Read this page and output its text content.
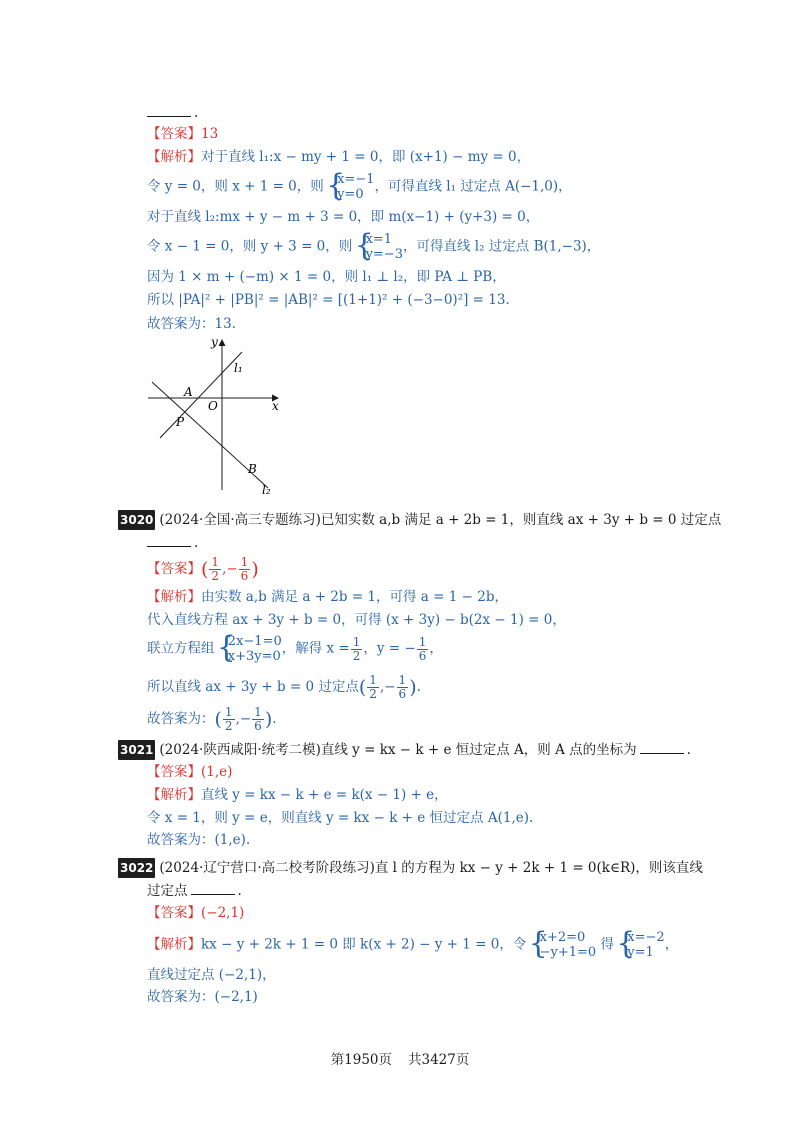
.
【答案】13
【解析】对于直线 l₁:x − my + 1 = 0，即 (x+1) − my = 0，
令 y = 0，则 x + 1 = 0，则 { x=−1
y=0 ，可得直线 l₁ 过定点 A(−1,0)，
对于直线 l₂:mx + y − m + 3 = 0，即 m(x−1) + (y+3) = 0，
令 x − 1 = 0，则 y + 3 = 0，则 { x=1
y=−3 ，可得直线 l₂ 过定点 B(1,−3)，
因为 1 × m + (−m) × 1 = 0，则 l₁ ⊥ l₂，即 PA ⊥ PB，
所以 |PA|² + |PB|² = |AB|² = [(1+1)² + (−3−0)²] = 13.
故答案为：13.
y
x
O
A
P
B
l₁
l₂
3020 (2024·全国·高三专题练习)已知实数 a,b 满足 a + 2b = 1，则直线 ax + 3y + b = 0 过定点
.
【答案】( $\frac{1}{2}$ ,− $\frac{1}{6}$ )
【解析】由实数 a,b 满足 a + 2b = 1，可得 a = 1 − 2b，
代入直线方程 ax + 3y + b = 0，可得 (x + 3y) − b(2x − 1) = 0，
联立方程组 { 2x−1=0
x+3y=0 ，解得 $x = \frac{1}{2}$ ，y = − $\frac{1}{6}$ ，
所以直线 ax + 3y + b = 0 过定点( $\frac{1}{2}$ ,− $\frac{1}{6}$ ).
故答案为：( $\frac{1}{2}$ ,− $\frac{1}{6}$ ).
3021 (2024·陕西咸阳·统考二模)直线 y = kx − k + e 恒过定点 A，则 A 点的坐标为	.
【答案】(1,e)
【解析】直线 y = kx − k + e = k(x − 1) + e，
令 x = 1，则 y = e，则直线 y = kx − k + e 恒过定点 A(1,e).
故答案为：(1,e).
3022 (2024·辽宁营口·高二校考阶段练习)直 l 的方程为 kx − y + 2k + 1 = 0(k∈R)，则该直线
过定点	.
【答案】(−2,1)
【解析】kx − y + 2k + 1 = 0 即 k(x + 2) − y + 1 = 0，令 { x+2=0
−y+1=0 得 { x=−2
y=1 ，
直线过定点 (−2,1)，
故答案为：(−2,1)
第1950页 共3427页
